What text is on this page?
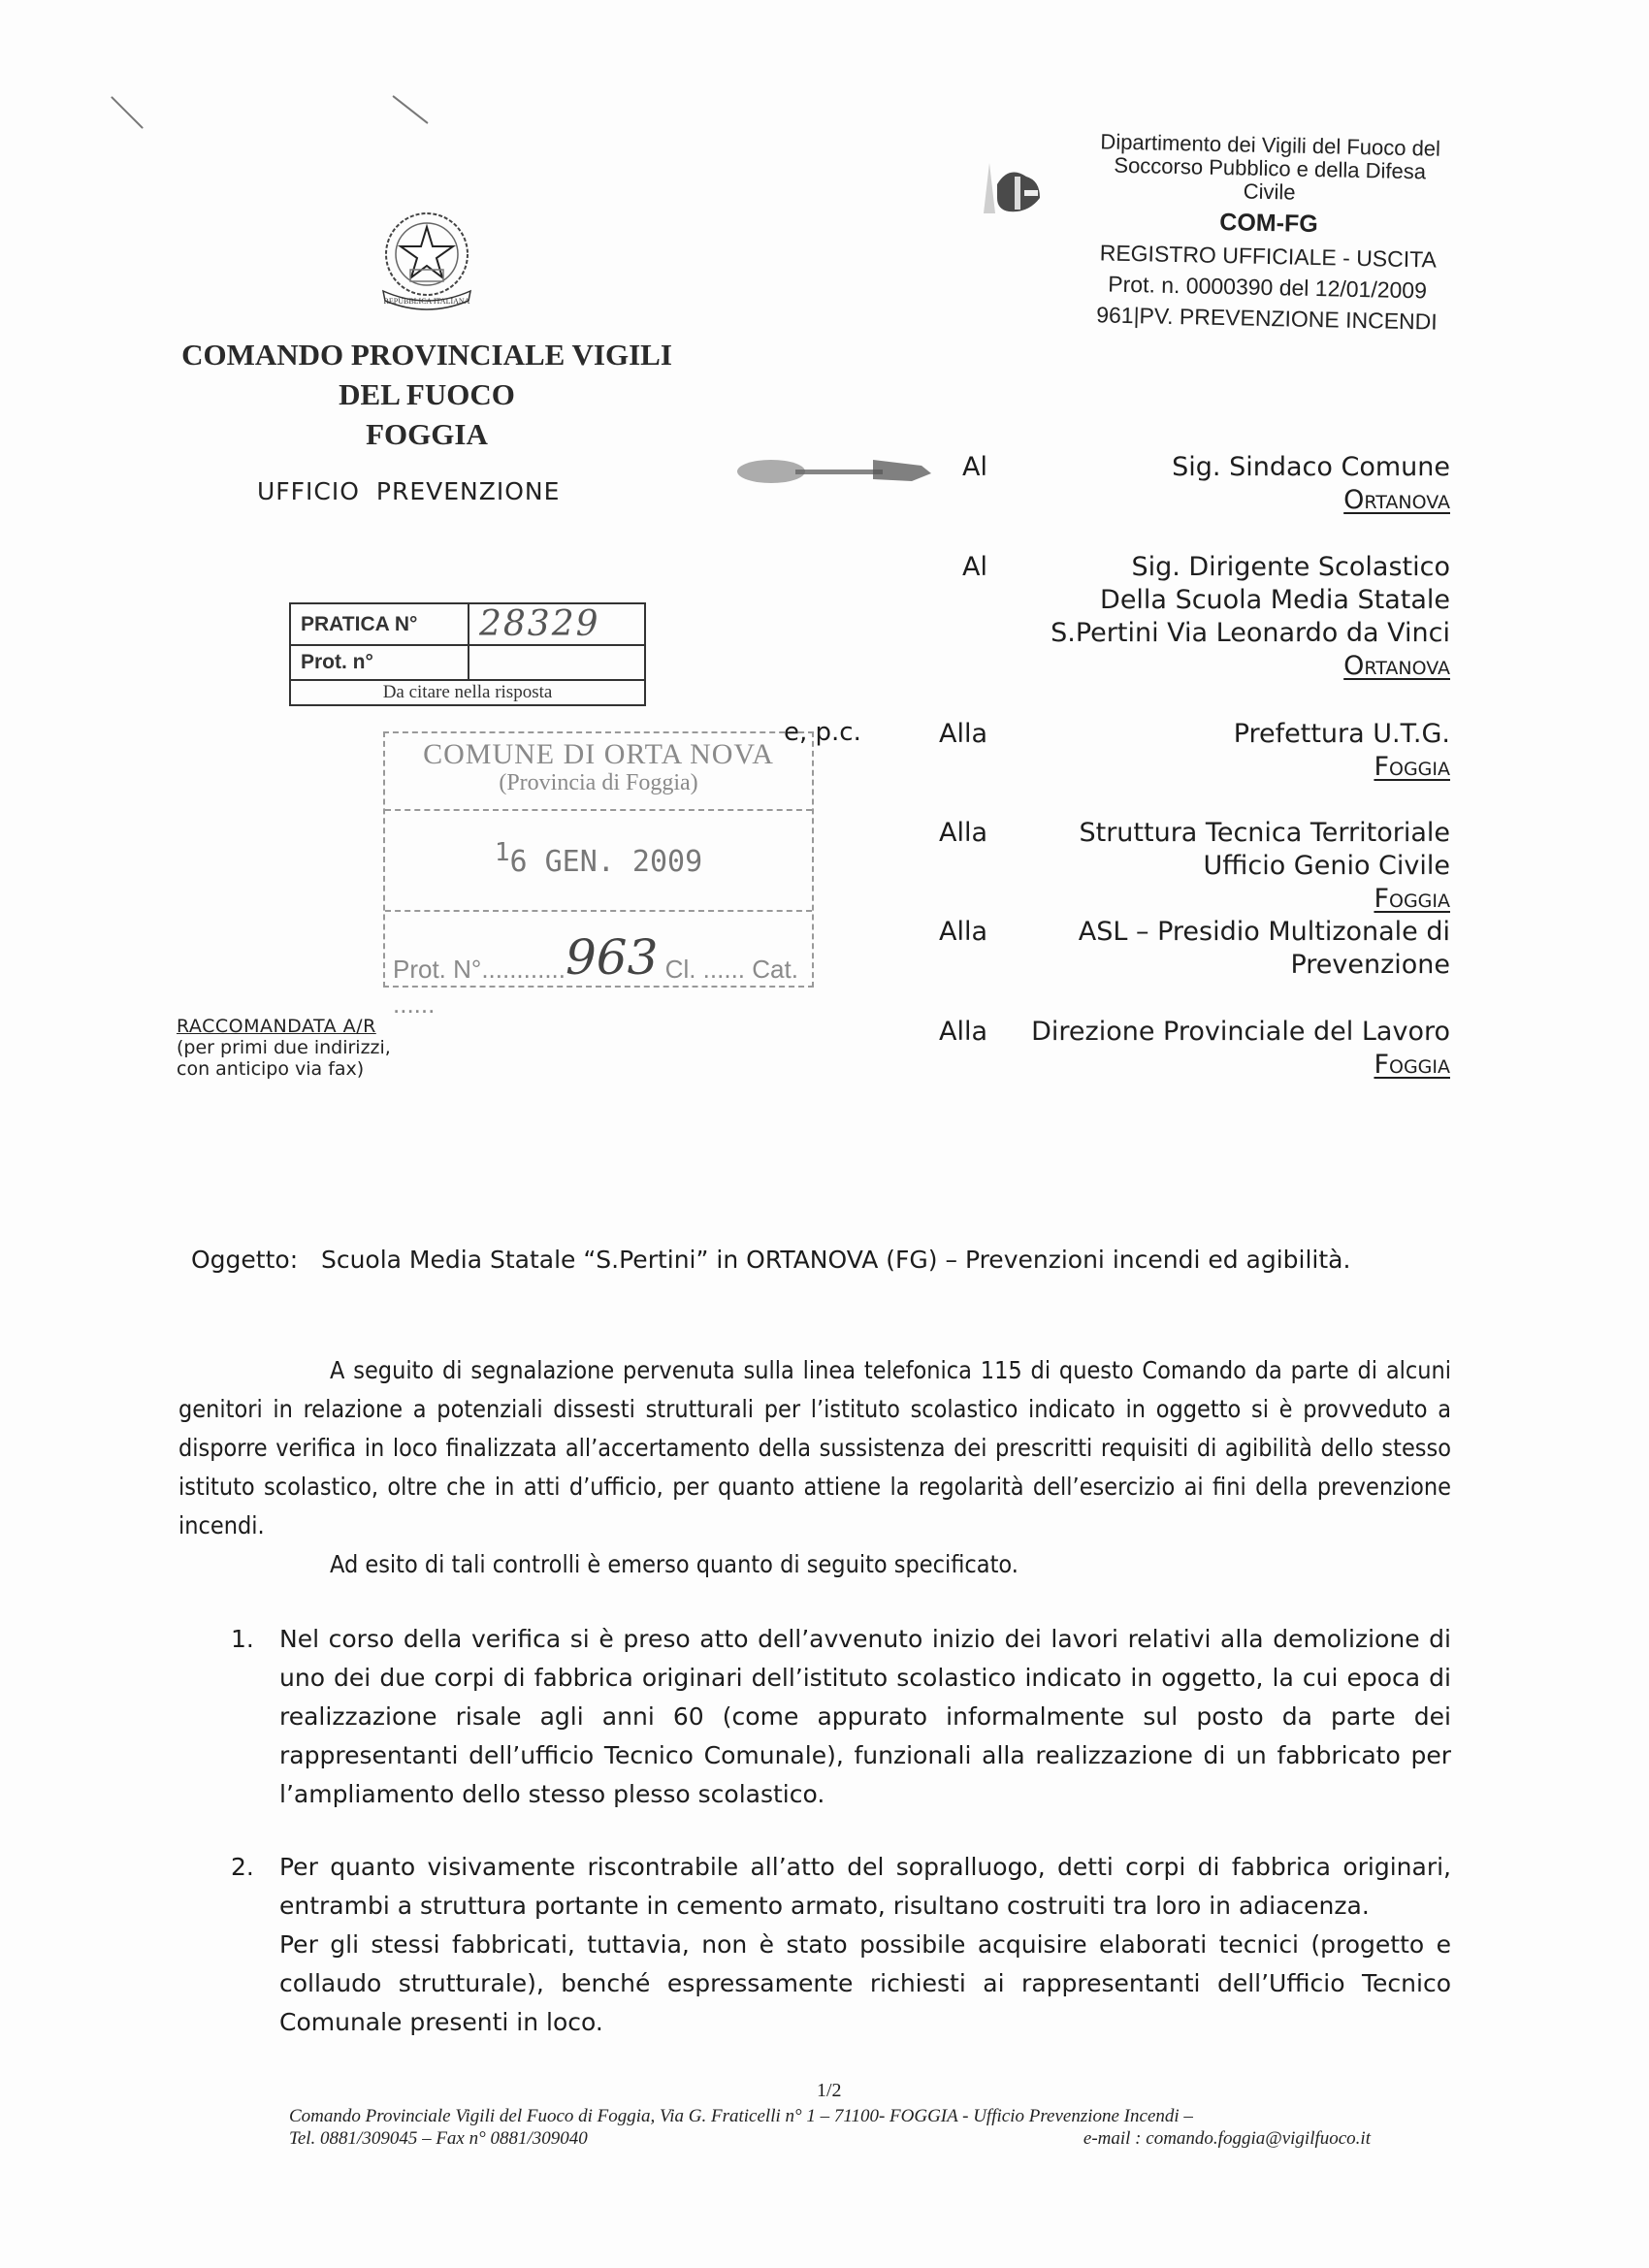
REPUBBLICA ITALIANA
COMANDO PROVINCIALE VIGILI
DEL FUOCO
FOGGIA
UFFICIO PREVENZIONE
Dipartimento dei Vigili del Fuoco del
Soccorso Pubblico e della Difesa
Civile
COM-FG
REGISTRO UFFICIALE - USCITA
Prot. n. 0000390 del 12/01/2009
961|PV. PREVENZIONE INCENDI
PRATICA N°	28329
Prot. n°	
Da citare nella risposta	
COMUNE DI ORTA NOVA
(Provincia di Foggia)
16 GEN. 2009
Prot. N°............963 Cl. ...... Cat. ......
e, p.c.
Al	Sig. Sindaco Comune
Ortanova
Al	Sig. Dirigente Scolastico
Della Scuola Media Statale
S.Pertini Via Leonardo da Vinci
Ortanova
Alla	Prefettura U.T.G.
Foggia
Alla	Struttura Tecnica Territoriale
Ufficio Genio Civile
Foggia
Alla	ASL – Presidio Multizonale di
Prevenzione
Alla Direzione Provinciale del Lavoro
Foggia
RACCOMANDATA A/R
(per primi due indirizzi,
con anticipo via fax)
Oggetto: Scuola Media Statale “S.Pertini” in ORTANOVA (FG) – Prevenzioni incendi ed agibilità.

A seguito di segnalazione pervenuta sulla linea telefonica 115 di questo Comando da parte di alcuni genitori in relazione a potenziali dissesti strutturali per l’istituto scolastico indicato in oggetto si è provveduto a disporre verifica in loco finalizzata all’accertamento della sussistenza dei prescritti requisiti di agibilità dello stesso istituto scolastico, oltre che in atti d’ufficio, per quanto attiene la regolarità dell’esercizio ai fini della prevenzione incendi.

Ad esito di tali controlli è emerso quanto di seguito specificato.

1. Nel corso della verifica si è preso atto dell’avvenuto inizio dei lavori relativi alla demolizione di uno dei due corpi di fabbrica originari dell’istituto scolastico indicato in oggetto, la cui epoca di realizzazione risale agli anni 60 (come appurato informalmente sul posto da parte dei rappresentanti dell’ufficio Tecnico Comunale), funzionali alla realizzazione di un fabbricato per l’ampliamento dello stesso plesso scolastico.
2. Per quanto visivamente riscontrabile all’atto del sopralluogo, detti corpi di fabbrica originari, entrambi a struttura portante in cemento armato, risultano costruiti tra loro in adiacenza.
Per gli stessi fabbricati, tuttavia, non è stato possibile acquisire elaborati tecnici (progetto e collaudo strutturale), benché espressamente richiesti ai rappresentanti dell’Ufficio Tecnico Comunale presenti in loco.
1/2
Comando Provinciale Vigili del Fuoco di Foggia, Via G. Fraticelli n° 1 – 71100- FOGGIA - Ufficio Prevenzione Incendi –
Tel. 0881/309045 – Fax n° 0881/309040	e-mail : comando.foggia@vigilfuoco.it
